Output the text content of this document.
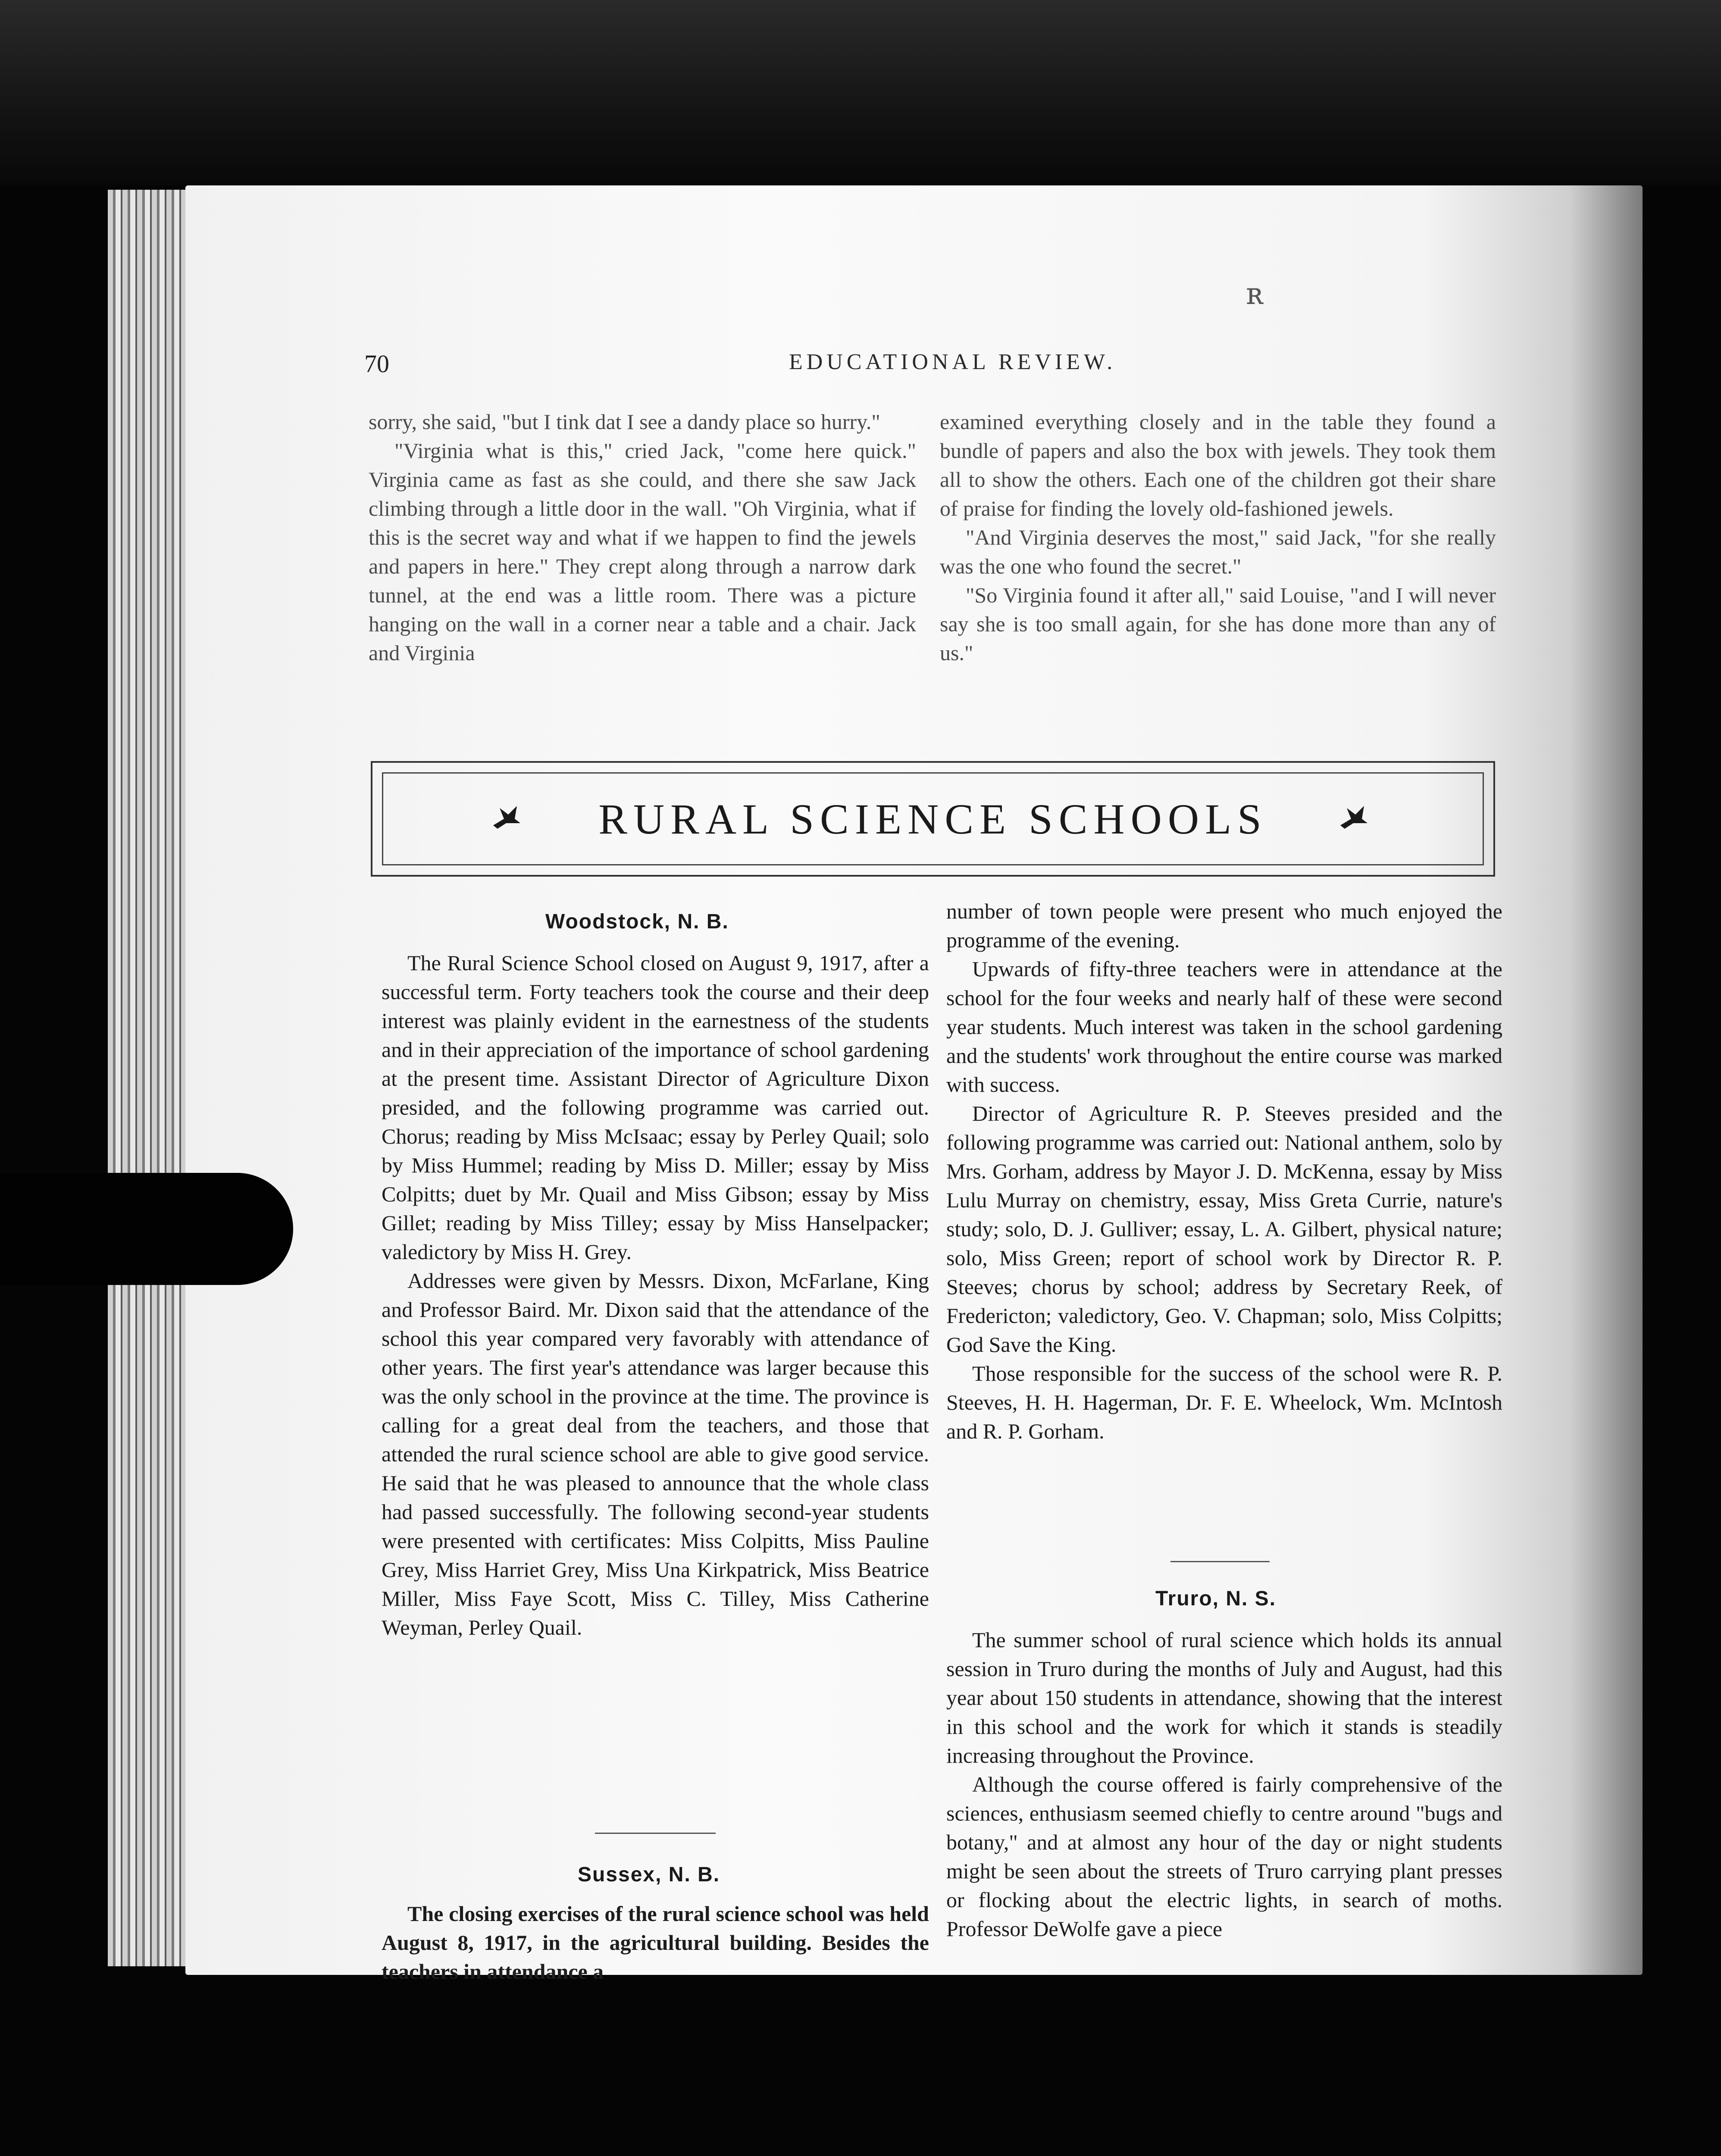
ʀ
70	EDUCATIONAL REVIEW.

sorry, she said, "but I tink dat I see a dandy place so hurry."

"Virginia what is this," cried Jack, "come here quick." Virginia came as fast as she could, and there she saw Jack climbing through a little door in the wall. "Oh Virginia, what if this is the secret way and what if we happen to find the jewels and papers in here." They crept along through a narrow dark tunnel, at the end was a little room. There was a picture hanging on the wall in a corner near a table and a chair. Jack and Virginia

examined everything closely and in the table they found a bundle of papers and also the box with jewels. They took them all to show the others. Each one of the children got their share of praise for finding the lovely old-fashioned jewels.

"And Virginia deserves the most," said Jack, "for she really was the one who found the secret."

"So Virginia found it after all," said Louise, "and I will never say she is too small again, for she has done more than any of us."

RURAL SCIENCE SCHOOLS
Woodstock, N. B.

The Rural Science School closed on August 9, 1917, after a successful term. Forty teachers took the course and their deep interest was plainly evident in the earnestness of the students and in their appreciation of the importance of school gardening at the present time. Assistant Director of Agriculture Dixon presided, and the following programme was carried out. Chorus; reading by Miss McIsaac; essay by Perley Quail; solo by Miss Hummel; reading by Miss D. Miller; essay by Miss Colpitts; duet by Mr. Quail and Miss Gibson; essay by Miss Gillet; reading by Miss Tilley; essay by Miss Hanselpacker; valedictory by Miss H. Grey.

Addresses were given by Messrs. Dixon, McFarlane, King and Professor Baird. Mr. Dixon said that the attendance of the school this year compared very favorably with attendance of other years. The first year's attendance was larger because this was the only school in the province at the time. The province is calling for a great deal from the teachers, and those that attended the rural science school are able to give good service. He said that he was pleased to announce that the whole class had passed successfully. The following second-year students were presented with certificates: Miss Colpitts, Miss Pauline Grey, Miss Harriet Grey, Miss Una Kirkpatrick, Miss Beatrice Miller, Miss Faye Scott, Miss C. Tilley, Miss Catherine Weyman, Perley Quail.

Sussex, N. B.

The closing exercises of the rural science school was held August 8, 1917, in the agricultural building. Besides the teachers in attendance a

number of town people were present who much enjoyed the programme of the evening.

Upwards of fifty-three teachers were in attendance at the school for the four weeks and nearly half of these were second year students. Much interest was taken in the school gardening and the students' work throughout the entire course was marked with success.

Director of Agriculture R. P. Steeves presided and the following programme was carried out: National anthem, solo by Mrs. Gorham, address by Mayor J. D. McKenna, essay by Miss Lulu Murray on chemistry, essay, Miss Greta Currie, nature's study; solo, D. J. Gulliver; essay, L. A. Gilbert, physical nature; solo, Miss Green; report of school work by Director R. P. Steeves; chorus by school; address by Secretary Reek, of Fredericton; valedictory, Geo. V. Chapman; solo, Miss Colpitts; God Save the King.

Those responsible for the success of the school were R. P. Steeves, H. H. Hagerman, Dr. F. E. Wheelock, Wm. McIntosh and R. P. Gorham.

Truro, N. S.

The summer school of rural science which holds its annual session in Truro during the months of July and August, had this year about 150 students in attendance, showing that the interest in this school and the work for which it stands is steadily increasing throughout the Province.

Although the course offered is fairly comprehensive of the sciences, enthusiasm seemed chiefly to centre around "bugs and botany," and at almost any hour of the day or night students might be seen about the streets of Truro carrying plant presses or flocking about the electric lights, in search of moths. Professor DeWolfe gave a piece
